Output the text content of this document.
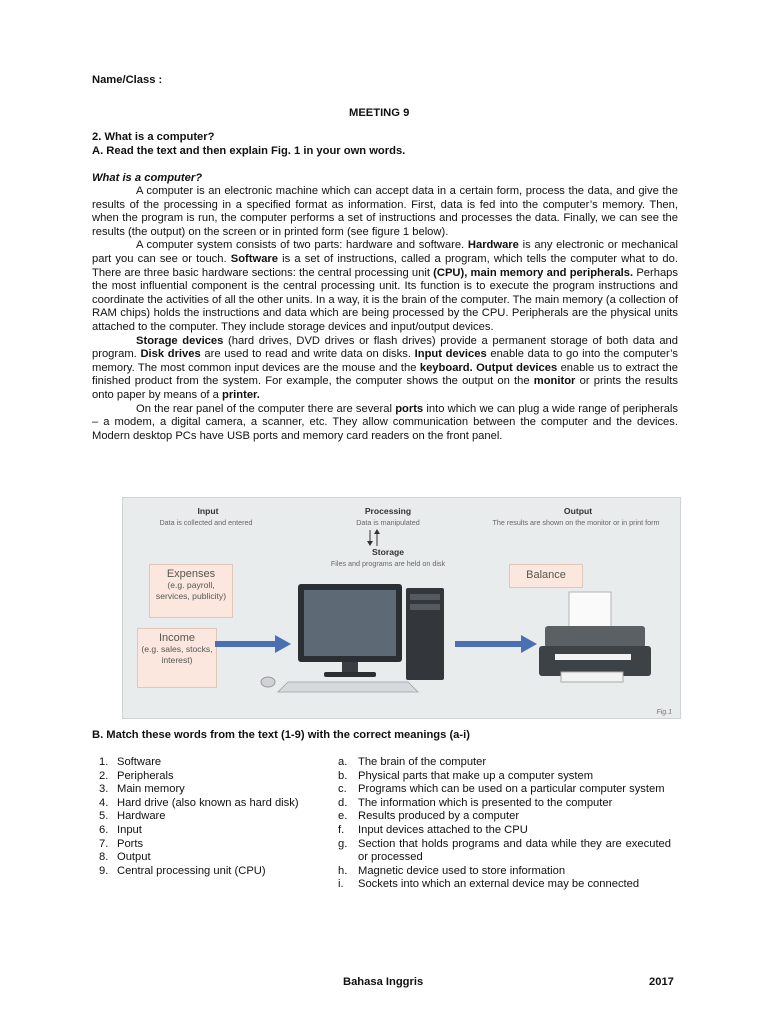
Name/Class :
MEETING 9
2. What is a computer?
A. Read the text and then explain Fig. 1 in your own words.
What is a computer?

A computer is an electronic machine which can accept data in a certain form, process the data, and give the results of the processing in a specified format as information. First, data is fed into the computer’s memory. Then, when the program is run, the computer performs a set of instructions and processes the data. Finally, we can see the results (the output) on the screen or in printed form (see figure 1 below).

A computer system consists of two parts: hardware and software. Hardware is any electronic or mechanical part you can see or touch. Software is a set of instructions, called a program, which tells the computer what to do. There are three basic hardware sections: the central processing unit (CPU), main memory and peripherals. Perhaps the most influential component is the central processing unit. Its function is to execute the program instructions and coordinate the activities of all the other units. In a way, it is the brain of the computer. The main memory (a collection of RAM chips) holds the instructions and data which are being processed by the CPU. Peripherals are the physical units attached to the computer. They include storage devices and input/output devices.

Storage devices (hard drives, DVD drives or flash drives) provide a permanent storage of both data and program. Disk drives are used to read and write data on disks. Input devices enable data to go into the computer’s memory. The most common input devices are the mouse and the keyboard. Output devices enable us to extract the finished product from the system. For example, the computer shows the output on the monitor or prints the results onto paper by means of a printer.

On the rear panel of the computer there are several ports into which we can plug a wide range of peripherals – a modem, a digital camera, a scanner, etc. They allow communication between the computer and the devices. Modern desktop PCs have USB ports and memory card readers on the front panel.

Input
Data is collected and entered
Processing
Data is manipulated
Output
The results are shown on the monitor or in print form
Storage
Files and programs are held on disk
Expenses
(e.g. payroll, services, publicity)
Income
(e.g. sales, stocks, interest)
Balance
Fig.1
B. Match these words from the text (1-9) with the correct meanings (a-i)
1. Software
2. Peripherals
3. Main memory
4. Hard drive (also known as hard disk)
5. Hardware
6. Input
7. Ports
8. Output
9. Central processing unit (CPU)
a. The brain of the computer
b. Physical parts that make up a computer system
c. Programs which can be used on a particular computer system
d. The information which is presented to the computer
e. Results produced by a computer
f. Input devices attached to the CPU
g. Section that holds programs and data while they are executed or processed
h. Magnetic device used to store information
i. Sockets into which an external device may be connected
Bahasa Inggris	2017
